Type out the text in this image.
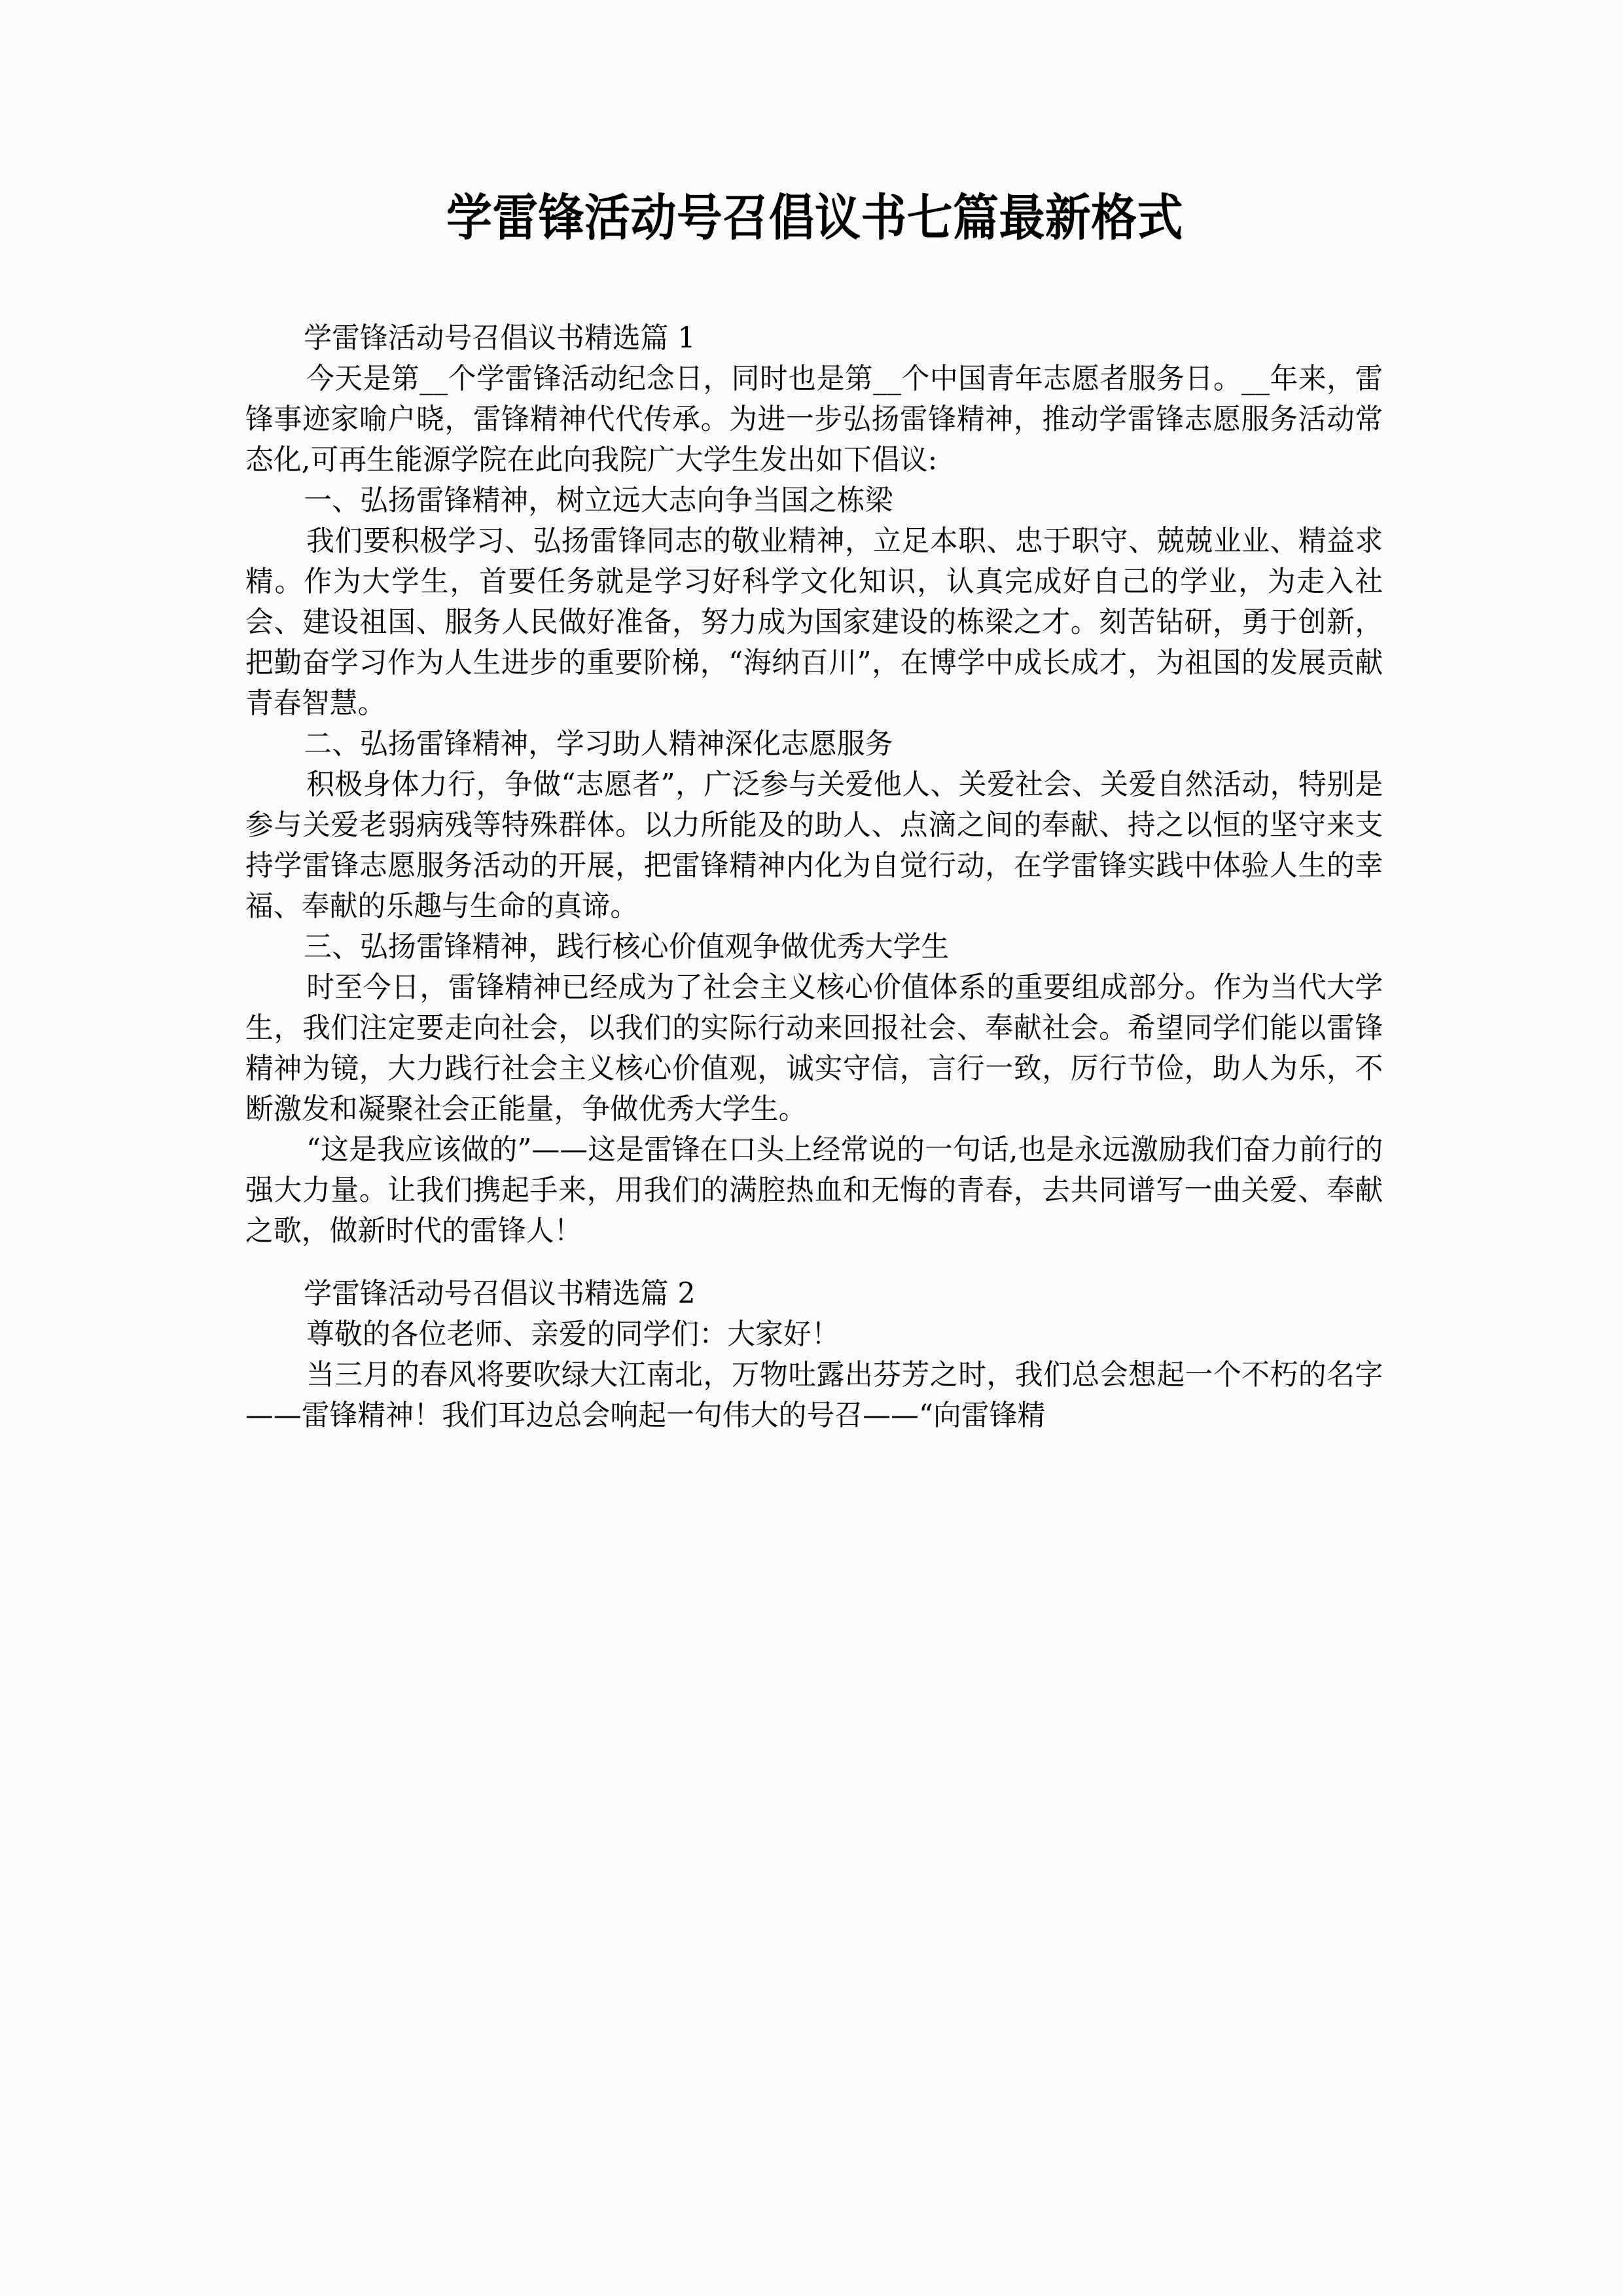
学雷锋活动号召倡议书七篇最新格式

学雷锋活动号召倡议书精选篇 1

今天是第__个学雷锋活动纪念日，同时也是第__个中国青年志愿者服务日。__年来，雷锋事迹家喻户晓，雷锋精神代代传承。为进一步弘扬雷锋精神，推动学雷锋志愿服务活动常态化,可再生能源学院在此向我院广大学生发出如下倡议:

一、弘扬雷锋精神，树立远大志向争当国之栋梁

我们要积极学习、弘扬雷锋同志的敬业精神，立足本职、忠于职守、兢兢业业、精益求精。作为大学生，首要任务就是学习好科学文化知识，认真完成好自己的学业，为走入社会、建设祖国、服务人民做好准备，努力成为国家建设的栋梁之才。刻苦钻研，勇于创新，把勤奋学习作为人生进步的重要阶梯，“海纳百川”，在博学中成长成才，为祖国的发展贡献青春智慧。

二、弘扬雷锋精神，学习助人精神深化志愿服务

积极身体力行，争做“志愿者”，广泛参与关爱他人、关爱社会、关爱自然活动，特别是参与关爱老弱病残等特殊群体。以力所能及的助人、点滴之间的奉献、持之以恒的坚守来支持学雷锋志愿服务活动的开展，把雷锋精神内化为自觉行动，在学雷锋实践中体验人生的幸福、奉献的乐趣与生命的真谛。

三、弘扬雷锋精神，践行核心价值观争做优秀大学生

时至今日，雷锋精神已经成为了社会主义核心价值体系的重要组成部分。作为当代大学生，我们注定要走向社会，以我们的实际行动来回报社会、奉献社会。希望同学们能以雷锋精神为镜，大力践行社会主义核心价值观，诚实守信，言行一致，厉行节俭，助人为乐，不断激发和凝聚社会正能量，争做优秀大学生。

“这是我应该做的”——这是雷锋在口头上经常说的一句话,也是永远激励我们奋力前行的强大力量。让我们携起手来，用我们的满腔热血和无悔的青春，去共同谱写一曲关爱、奉献之歌，做新时代的雷锋人！

学雷锋活动号召倡议书精选篇 2

尊敬的各位老师、亲爱的同学们：大家好！

当三月的春风将要吹绿大江南北，万物吐露出芬芳之时，我们总会想起一个不朽的名字——雷锋精神！我们耳边总会响起一句伟大的号召——“向雷锋精
